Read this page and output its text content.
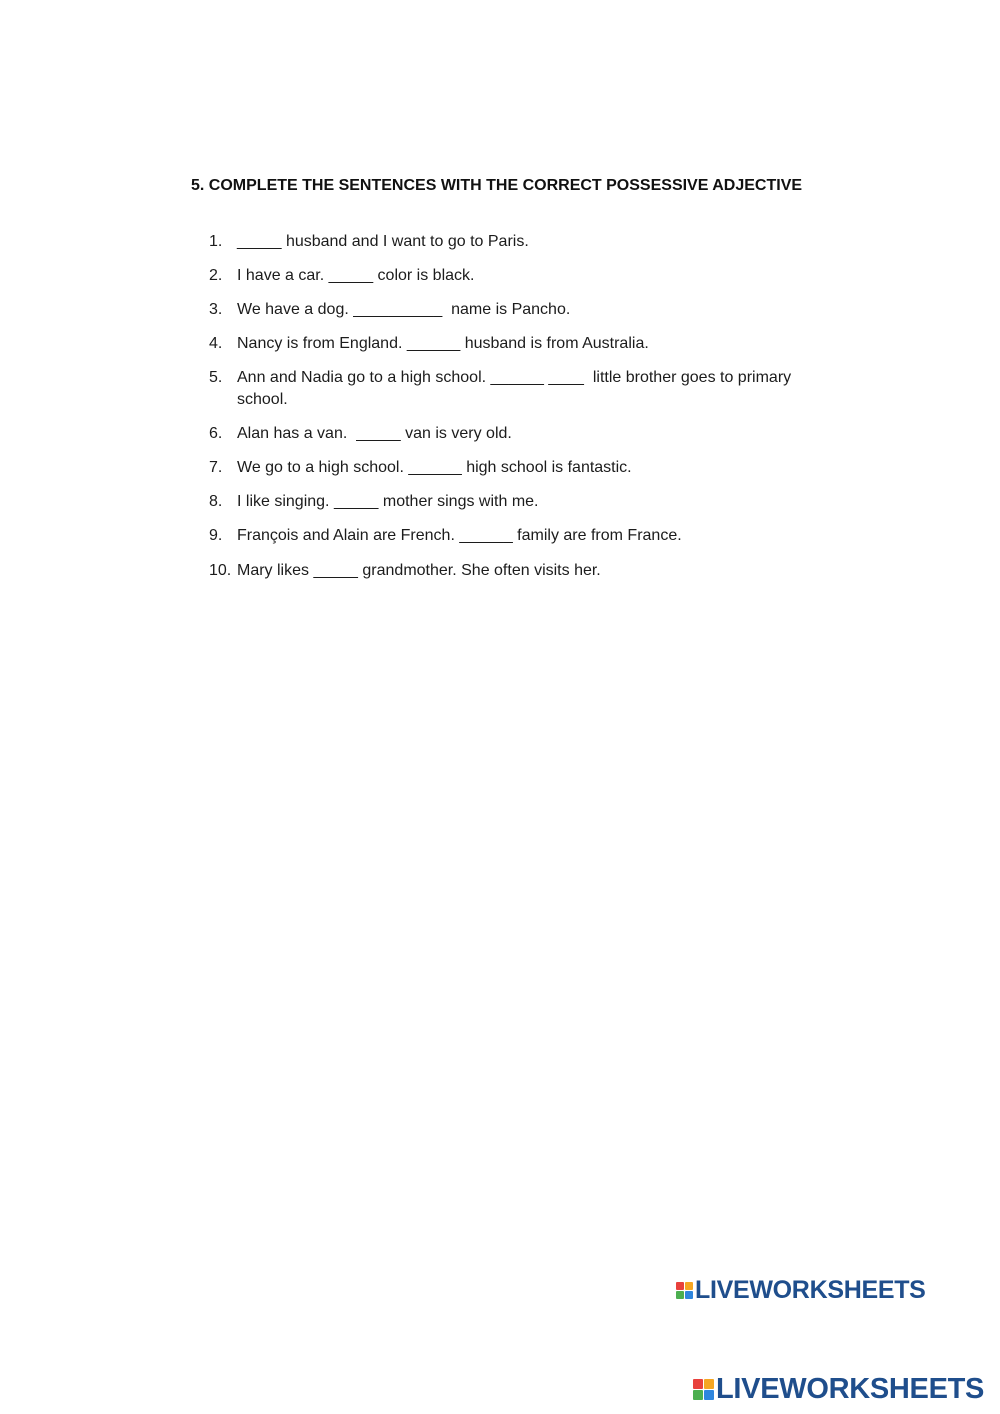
5. COMPLETE THE SENTENCES WITH THE CORRECT POSSESSIVE ADJECTIVE
1. _____ husband and I want to go to Paris.
2. I have a car. _____ color is black.
3. We have a dog. __________  name is Pancho.
4. Nancy is from England. ______ husband is from Australia.
5. Ann and Nadia go to a high school. ______ ____  little brother goes to primary school.
6. Alan has a van.  _____ van is very old.
7. We go to a high school. ______ high school is fantastic.
8. I like singing. _____ mother sings with me.
9. François and Alain are French. ______ family are from France.
10. Mary likes _____ grandmother. She often visits her.
LIVEWORKSHEETS
LIVEWORKSHEETS
